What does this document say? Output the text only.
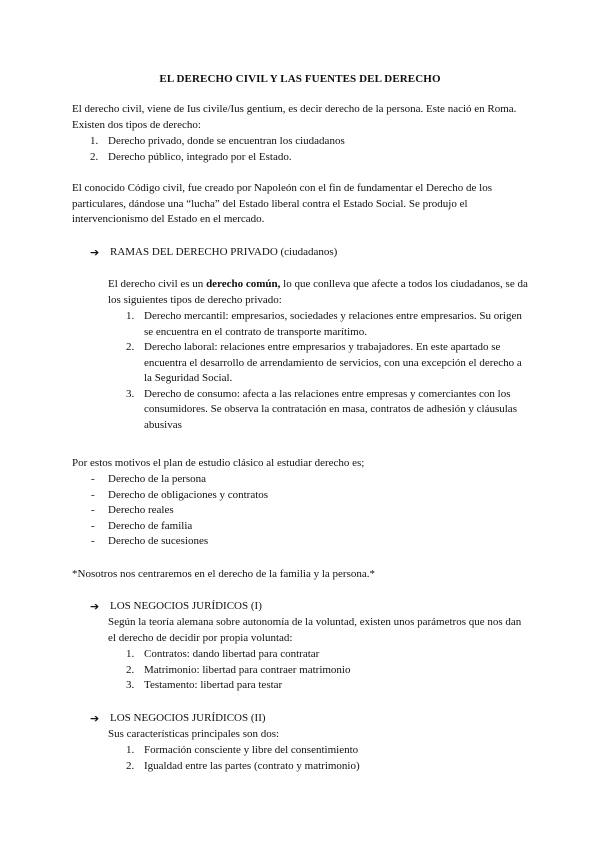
EL DERECHO CIVIL Y LAS FUENTES DEL DERECHO

El derecho civil, viene de Ius civile/Ius gentium, es decir derecho de la persona. Este nació en Roma. Existen dos tipos de derecho:

1. Derecho privado, donde se encuentran los ciudadanos
2. Derecho público, integrado por el Estado.

El conocido Código civil, fue creado por Napoleón con el fin de fundamentar el Derecho de los particulares, dándose una “lucha” del Estado liberal contra el Estado Social. Se produjo el intervencionismo del Estado en el mercado.

➔ RAMAS DEL DERECHO PRIVADO (ciudadanos)

El derecho civil es un derecho común, lo que conlleva que afecte a todos los ciudadanos, se da los siguientes tipos de derecho privado:

1. Derecho mercantil: empresarios, sociedades y relaciones entre empresarios. Su origen se encuentra en el contrato de transporte marítimo.
2. Derecho laboral: relaciones entre empresarios y trabajadores. En este apartado se encuentra el desarrollo de arrendamiento de servicios, con una excepción el derecho a la Seguridad Social.
3. Derecho de consumo: afecta a las relaciones entre empresas y comerciantes con los consumidores. Se observa la contratación en masa, contratos de adhesión y cláusulas abusivas

Por estos motivos el plan de estudio clásico al estudiar derecho es;

- Derecho de la persona
- Derecho de obligaciones y contratos
- Derecho reales
- Derecho de familia
- Derecho de sucesiones

*Nosotros nos centraremos en el derecho de la familia y la persona.*

➔ LOS NEGOCIOS JURÍDICOS (I)

Según la teoría alemana sobre autonomía de la voluntad, existen unos parámetros que nos dan el derecho de decidir por propia voluntad:

1. Contratos: dando libertad para contratar
2. Matrimonio: libertad para contraer matrimonio
3. Testamento: libertad para testar
➔ LOS NEGOCIOS JURÍDICOS (II)

Sus características principales son dos:

1. Formación consciente y libre del consentimiento
2. Igualdad entre las partes (contrato y matrimonio)
